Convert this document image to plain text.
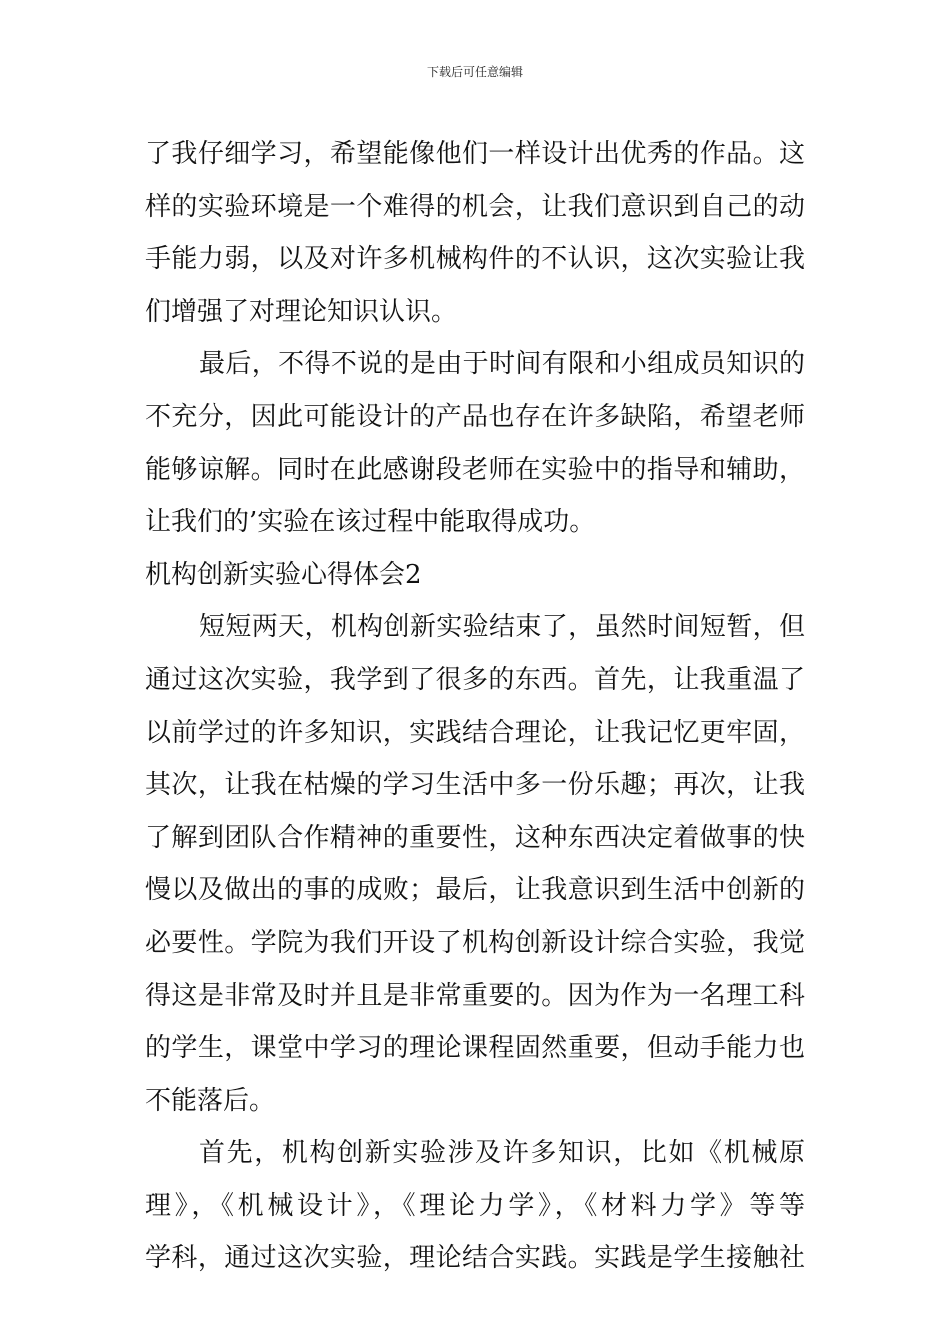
下载后可任意编辑
了我仔细学习，希望能像他们一样设计出优秀的作品。这
样的实验环境是一个难得的机会，让我们意识到自己的动
手能力弱，以及对许多机械构件的不认识，这次实验让我
们增强了对理论知识认识。
最后，不得不说的是由于时间有限和小组成员知识的
不充分，因此可能设计的产品也存在许多缺陷，希望老师
能够谅解。同时在此感谢段老师在实验中的指导和辅助，
让我们的’实验在该过程中能取得成功。
机构创新实验心得体会2
短短两天，机构创新实验结束了，虽然时间短暂，但
通过这次实验，我学到了很多的东西。首先，让我重温了
以前学过的许多知识，实践结合理论，让我记忆更牢固，
其次，让我在枯燥的学习生活中多一份乐趣；再次，让我
了解到团队合作精神的重要性，这种东西决定着做事的快
慢以及做出的事的成败；最后，让我意识到生活中创新的
必要性。学院为我们开设了机构创新设计综合实验，我觉
得这是非常及时并且是非常重要的。因为作为一名理工科
的学生，课堂中学习的理论课程固然重要，但动手能力也
不能落后。
首先，机构创新实验涉及许多知识，比如《机械原
理》，《机械设计》，《理论力学》，《材料力学》等等
学科，通过这次实验，理论结合实践。实践是学生接触社
